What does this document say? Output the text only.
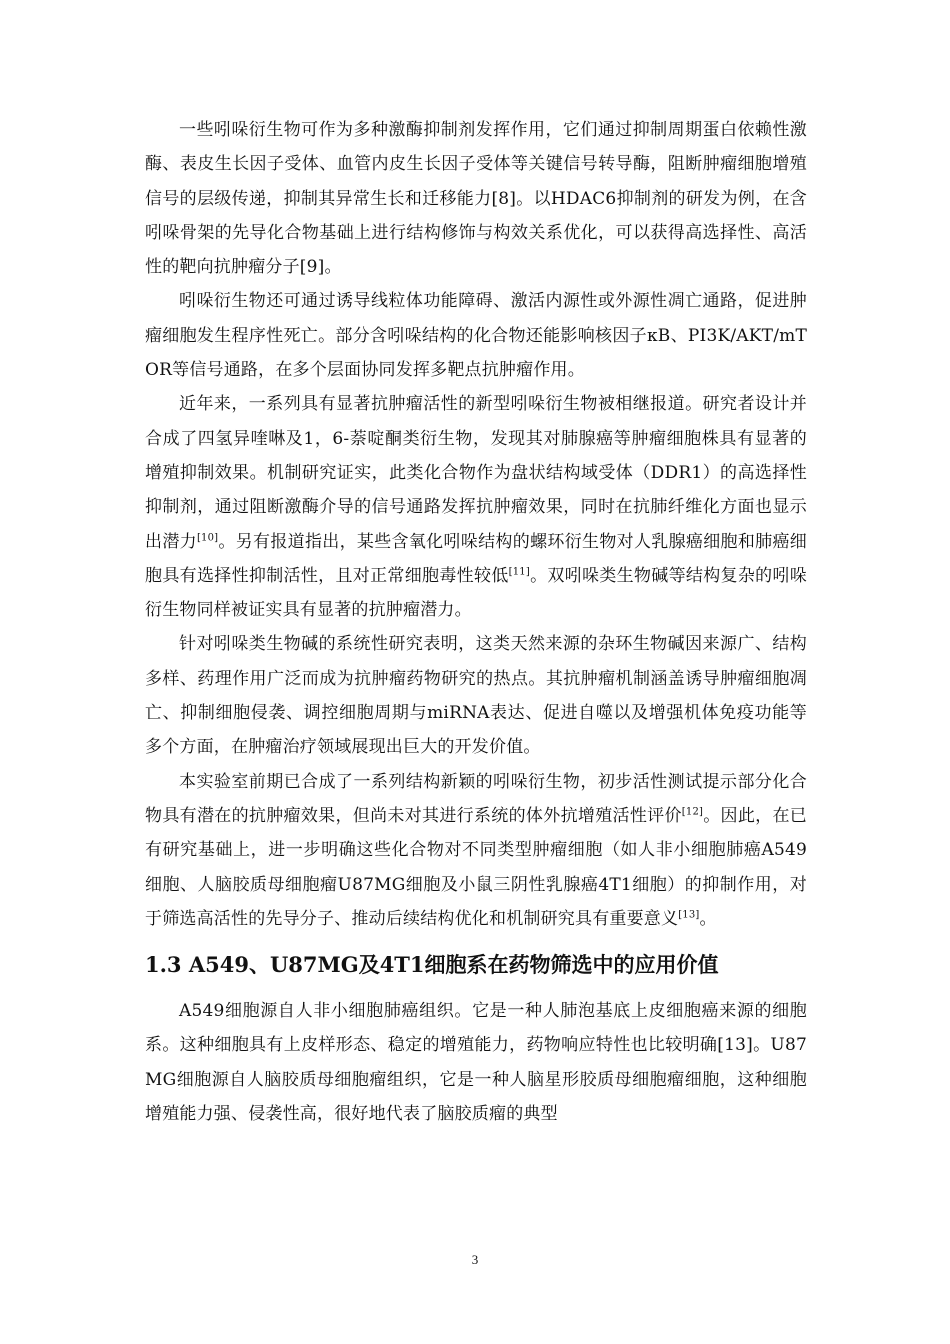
一些吲哚衍生物可作为多种激酶抑制剂发挥作用，它们通过抑制周期蛋白依赖性激酶、表皮生长因子受体、血管内皮生长因子受体等关键信号转导酶，阻断肿瘤细胞增殖信号的层级传递，抑制其异常生长和迁移能力[8]。以HDAC6抑制剂的研发为例，在含吲哚骨架的先导化合物基础上进行结构修饰与构效关系优化，可以获得高选择性、高活性的靶向抗肿瘤分子[9]。

吲哚衍生物还可通过诱导线粒体功能障碍、激活内源性或外源性凋亡通路，促进肿瘤细胞发生程序性死亡。部分含吲哚结构的化合物还能影响核因子κB、PI3K/AKT/mTOR等信号通路，在多个层面协同发挥多靶点抗肿瘤作用。

近年来，一系列具有显著抗肿瘤活性的新型吲哚衍生物被相继报道。研究者设计并合成了四氢异喹啉及1，6-萘啶酮类衍生物，发现其对肺腺癌等肿瘤细胞株具有显著的增殖抑制效果。机制研究证实，此类化合物作为盘状结构域受体（DDR1）的高选择性抑制剂，通过阻断激酶介导的信号通路发挥抗肿瘤效果，同时在抗肺纤维化方面也显示出潜力[10]。另有报道指出，某些含氧化吲哚结构的螺环衍生物对人乳腺癌细胞和肺癌细胞具有选择性抑制活性，且对正常细胞毒性较低[11]。双吲哚类生物碱等结构复杂的吲哚衍生物同样被证实具有显著的抗肿瘤潜力。

针对吲哚类生物碱的系统性研究表明，这类天然来源的杂环生物碱因来源广、结构多样、药理作用广泛而成为抗肿瘤药物研究的热点。其抗肿瘤机制涵盖诱导肿瘤细胞凋亡、抑制细胞侵袭、调控细胞周期与miRNA表达、促进自噬以及增强机体免疫功能等多个方面，在肿瘤治疗领域展现出巨大的开发价值。

本实验室前期已合成了一系列结构新颖的吲哚衍生物，初步活性测试提示部分化合物具有潜在的抗肿瘤效果，但尚未对其进行系统的体外抗增殖活性评价[12]。因此，在已有研究基础上，进一步明确这些化合物对不同类型肿瘤细胞（如人非小细胞肺癌A549细胞、人脑胶质母细胞瘤U87MG细胞及小鼠三阴性乳腺癌4T1细胞）的抑制作用，对于筛选高活性的先导分子、推动后续结构优化和机制研究具有重要意义[13]。

1.3 A549、U87MG及4T1细胞系在药物筛选中的应用价值

A549细胞源自人非小细胞肺癌组织。它是一种人肺泡基底上皮细胞癌来源的细胞系。这种细胞具有上皮样形态、稳定的增殖能力，药物响应特性也比较明确[13]。U87MG细胞源自人脑胶质母细胞瘤组织，它是一种人脑星形胶质母细胞瘤细胞，这种细胞增殖能力强、侵袭性高，很好地代表了脑胶质瘤的典型

3
